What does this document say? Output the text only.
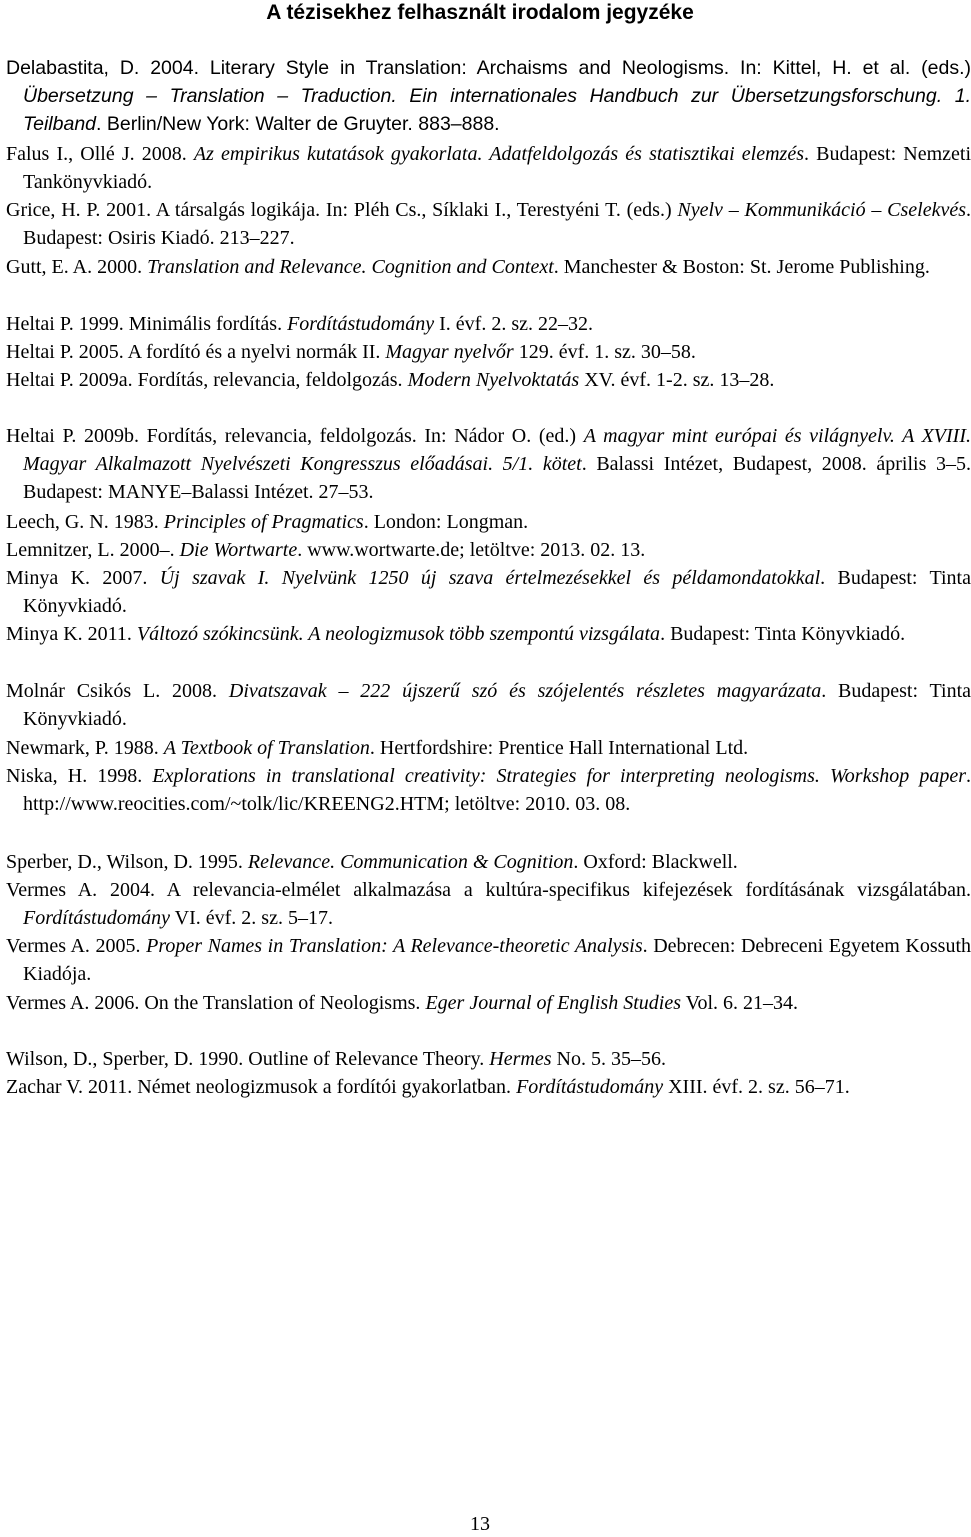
A tézisekhez felhasznált irodalom jegyzéke
Delabastita, D. 2004. Literary Style in Translation: Archaisms and Neologisms. In: Kittel, H. et al. (eds.) Übersetzung – Translation – Traduction. Ein internationales Handbuch zur Übersetzungsforschung. 1. Teilband. Berlin/New York: Walter de Gruyter. 883–888.
Falus I., Ollé J. 2008. Az empirikus kutatások gyakorlata. Adatfeldolgozás és statisztikai elemzés. Budapest: Nemzeti Tankönyvkiadó.
Grice, H. P. 2001. A társalgás logikája. In: Pléh Cs., Síklaki I., Terestyéni T. (eds.) Nyelv – Kommunikáció – Cselekvés. Budapest: Osiris Kiadó. 213–227.
Gutt, E. A. 2000. Translation and Relevance. Cognition and Context. Manchester & Boston: St. Jerome Publishing.
Heltai P. 1999. Minimális fordítás. Fordítástudomány I. évf. 2. sz. 22–32.
Heltai P. 2005. A fordító és a nyelvi normák II. Magyar nyelvőr 129. évf. 1. sz. 30–58.
Heltai P. 2009a. Fordítás, relevancia, feldolgozás. Modern Nyelvoktatás XV. évf. 1-2. sz. 13–28.
Heltai P. 2009b. Fordítás, relevancia, feldolgozás. In: Nádor O. (ed.) A magyar mint európai és világnyelv. A XVIII. Magyar Alkalmazott Nyelvészeti Kongresszus előadásai. 5/1. kötet. Balassi Intézet, Budapest, 2008. április 3–5. Budapest: MANYE–Balassi Intézet. 27–53.
Leech, G. N. 1983. Principles of Pragmatics. London: Longman.
Lemnitzer, L. 2000–. Die Wortwarte. www.wortwarte.de; letöltve: 2013. 02. 13.
Minya K. 2007. Új szavak I. Nyelvünk 1250 új szava értelmezésekkel és példamondatokkal. Budapest: Tinta Könyvkiadó.
Minya K. 2011. Változó szókincsünk. A neologizmusok több szempontú vizsgálata. Budapest: Tinta Könyvkiadó.
Molnár Csikós L. 2008. Divatszavak – 222 újszerű szó és szójelentés részletes magyarázata. Budapest: Tinta Könyvkiadó.
Newmark, P. 1988. A Textbook of Translation. Hertfordshire: Prentice Hall International Ltd.
Niska, H. 1998. Explorations in translational creativity: Strategies for interpreting neologisms. Workshop paper. http://www.reocities.com/~tolk/lic/KREENG2.HTM; letöltve: 2010. 03. 08.
Sperber, D., Wilson, D. 1995. Relevance. Communication & Cognition. Oxford: Blackwell.
Vermes A. 2004. A relevancia-elmélet alkalmazása a kultúra-specifikus kifejezések fordításának vizsgálatában. Fordítástudomány VI. évf. 2. sz. 5–17.
Vermes A. 2005. Proper Names in Translation: A Relevance-theoretic Analysis. Debrecen: Debreceni Egyetem Kossuth Kiadója.
Vermes A. 2006. On the Translation of Neologisms. Eger Journal of English Studies Vol. 6. 21–34.
Wilson, D., Sperber, D. 1990. Outline of Relevance Theory. Hermes No. 5. 35–56.
Zachar V. 2011. Német neologizmusok a fordítói gyakorlatban. Fordítástudomány XIII. évf. 2. sz. 56–71.
13
